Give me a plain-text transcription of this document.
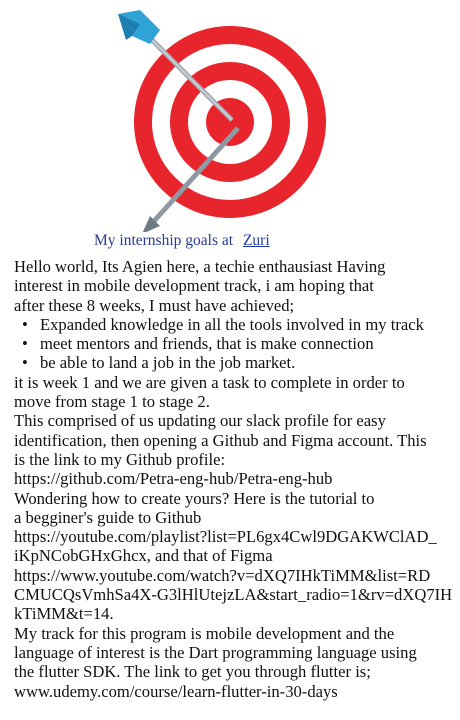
My internship goals at Zuri

Hello world, Its Agien here, a techie enthausiast Having
interest in mobile development track, i am hoping that
after these 8 weeks, I must have achieved;

• Expanded knowledge in all the tools involved in my track
• meet mentors and friends, that is make connection
• be able to land a job in the job market.

it is week 1 and we are given a task to complete in order to
move from stage 1 to stage 2.
This comprised of us updating our slack profile for easy
identification, then opening a Github and Figma account. This
is the link to my Github profile:
https://github.com/Petra-eng-hub/Petra-eng-hub
Wondering how to create yours? Here is the tutorial to
a begginer's guide to Github
https://youtube.com/playlist?list=PL6gx4Cwl9DGAKWClAD_
iKpNCobGHxGhcx, and that of Figma
https://www.youtube.com/watch?v=dXQ7IHkTiMM&list=RD
CMUCQsVmhSa4X-G3lHlUtejzLA&start_radio=1&rv=dXQ7IH
kTiMM&t=14.
My track for this program is mobile development and the
language of interest is the Dart programming language using
the flutter SDK. The link to get you through flutter is;
www.udemy.com/course/learn-flutter-in-30-days
